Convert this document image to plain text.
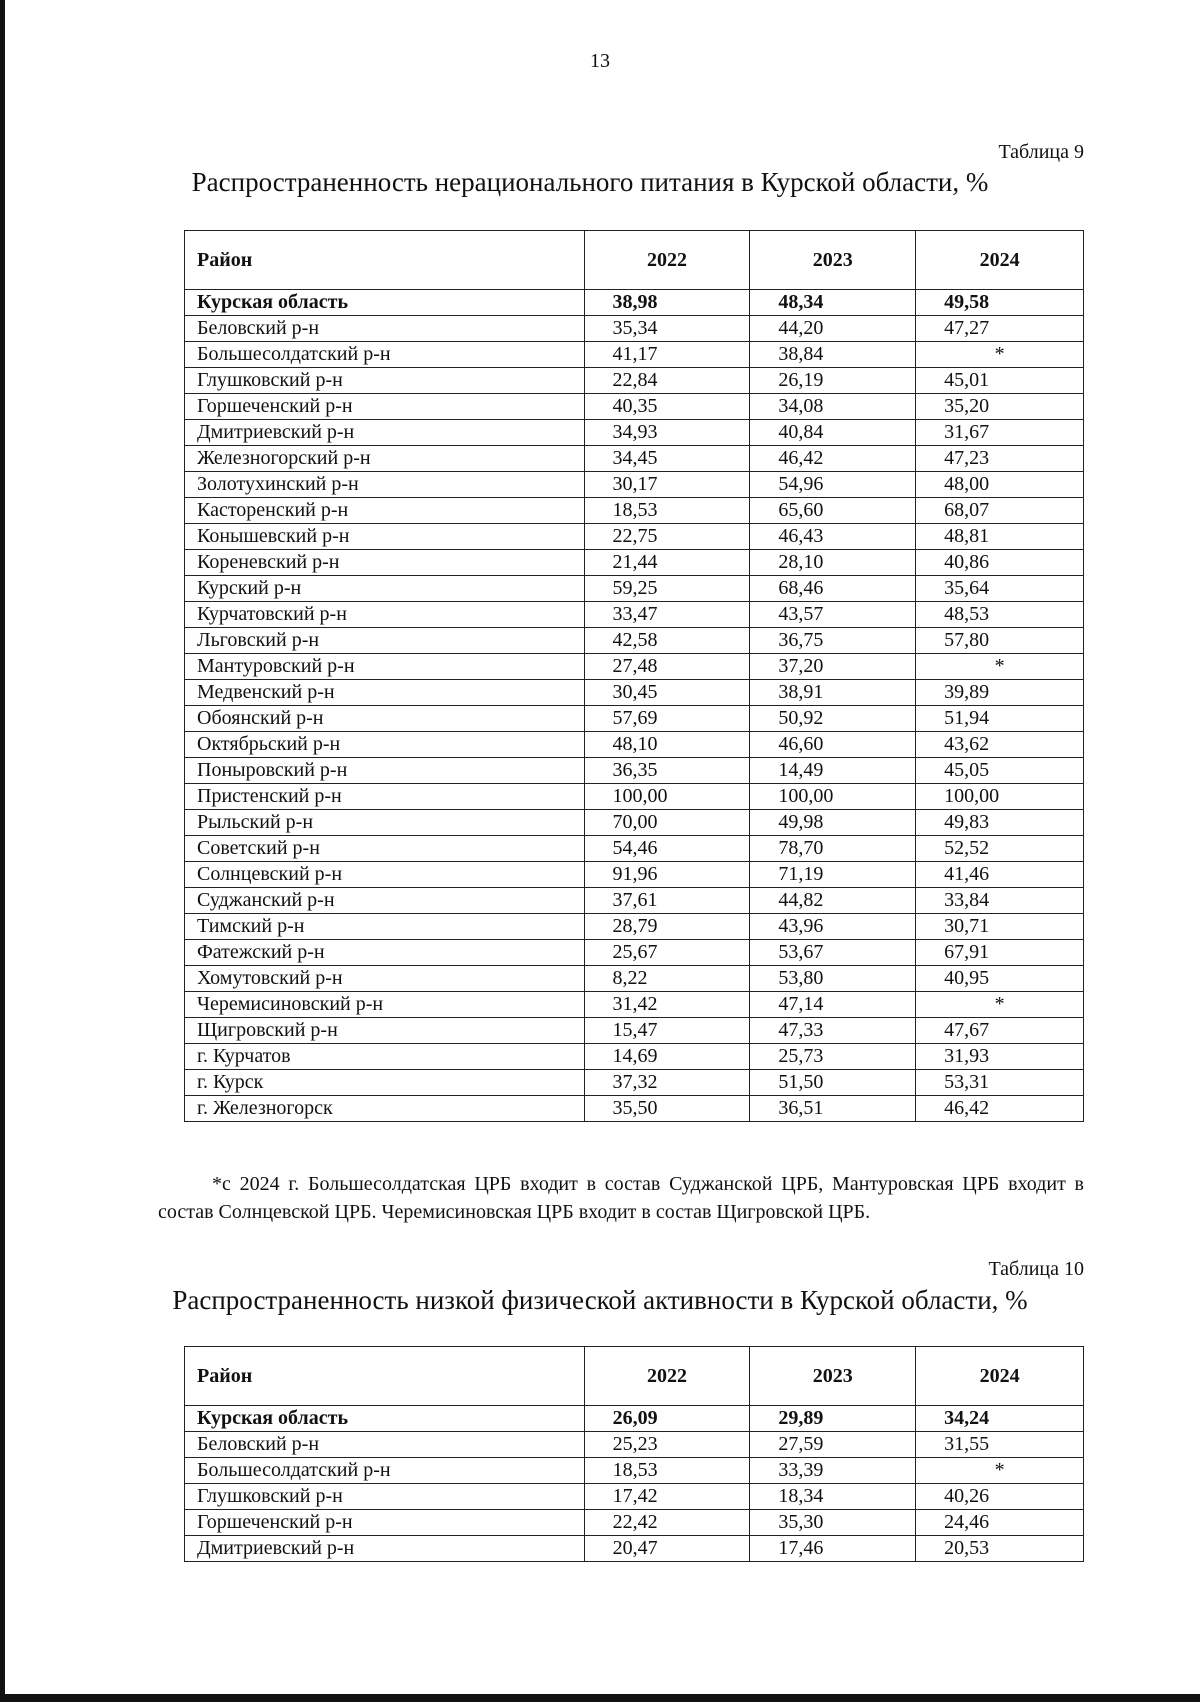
13
Таблица 9
Распространенность нерационального питания в Курской области, %
Район	2022	2023	2024
Курская область	38,98	48,34	49,58
Беловский р-н	35,34	44,20	47,27
Большесолдатский р-н	41,17	38,84	*
Глушковский р-н	22,84	26,19	45,01
Горшеченский р-н	40,35	34,08	35,20
Дмитриевский р-н	34,93	40,84	31,67
Железногорский р-н	34,45	46,42	47,23
Золотухинский р-н	30,17	54,96	48,00
Касторенский р-н	18,53	65,60	68,07
Конышевский р-н	22,75	46,43	48,81
Кореневский р-н	21,44	28,10	40,86
Курский р-н	59,25	68,46	35,64
Курчатовский р-н	33,47	43,57	48,53
Льговский р-н	42,58	36,75	57,80
Мантуровский р-н	27,48	37,20	*
Медвенский р-н	30,45	38,91	39,89
Обоянский р-н	57,69	50,92	51,94
Октябрьский р-н	48,10	46,60	43,62
Поныровский р-н	36,35	14,49	45,05
Пристенский р-н	100,00	100,00	100,00
Рыльский р-н	70,00	49,98	49,83
Советский р-н	54,46	78,70	52,52
Солнцевский р-н	91,96	71,19	41,46
Суджанский р-н	37,61	44,82	33,84
Тимский р-н	28,79	43,96	30,71
Фатежский р-н	25,67	53,67	67,91
Хомутовский р-н	8,22	53,80	40,95
Черемисиновский р-н	31,42	47,14	*
Щигровский р-н	15,47	47,33	47,67
г. Курчатов	14,69	25,73	31,93
г. Курск	37,32	51,50	53,31
г. Железногорск	35,50	36,51	46,42
*с 2024 г. Большесолдатская ЦРБ входит в состав Суджанской ЦРБ, Мантуровская ЦРБ входит в состав Солнцевской ЦРБ. Черемисиновская ЦРБ входит в состав Щигровской ЦРБ.
Таблица 10
Распространенность низкой физической активности в Курской области, %
Район	2022	2023	2024
Курская область	26,09	29,89	34,24
Беловский р-н	25,23	27,59	31,55
Большесолдатский р-н	18,53	33,39	*
Глушковский р-н	17,42	18,34	40,26
Горшеченский р-н	22,42	35,30	24,46
Дмитриевский р-н	20,47	17,46	20,53
